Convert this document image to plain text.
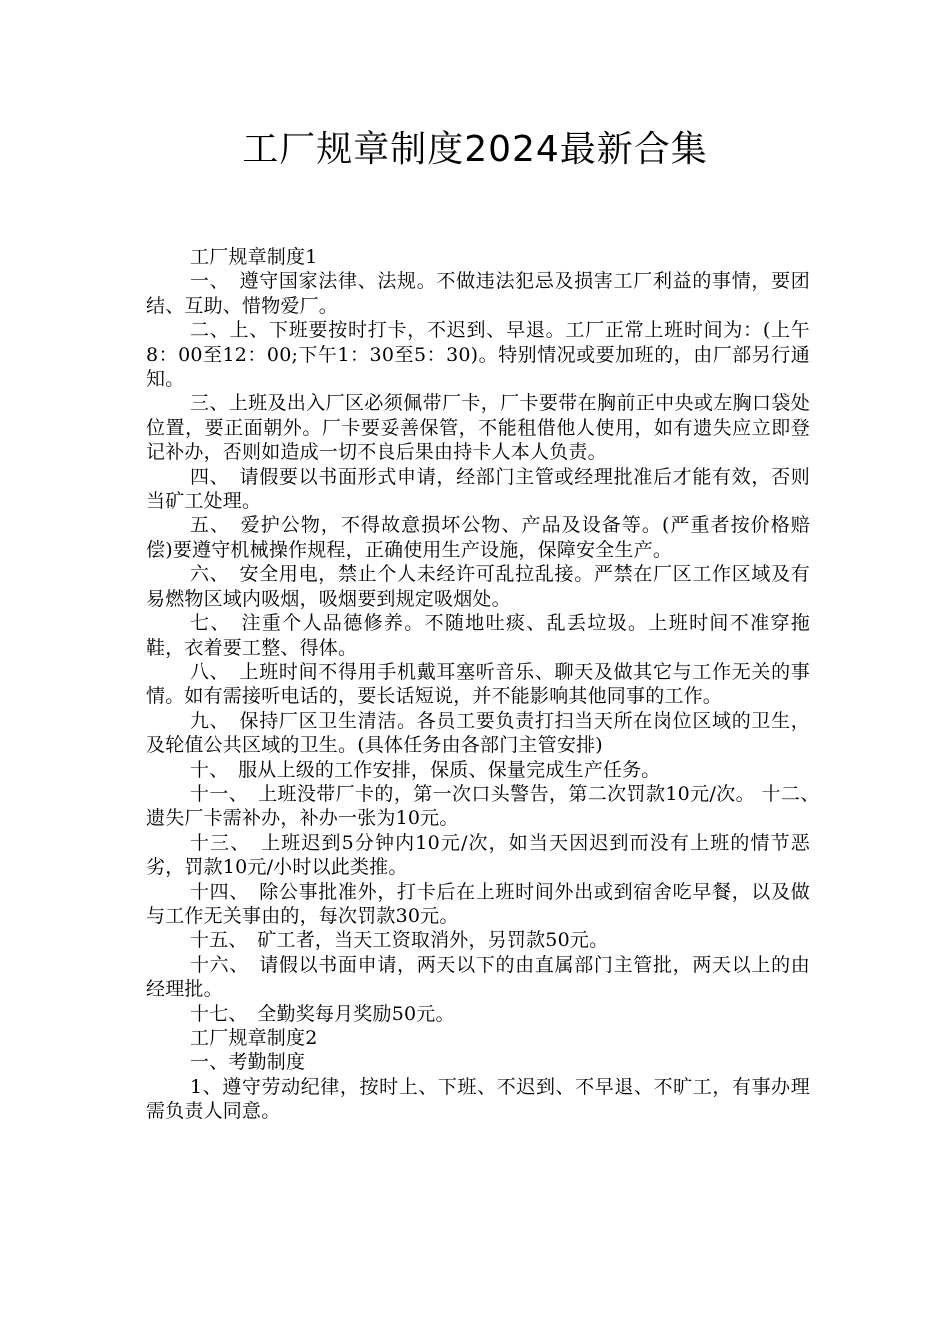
工厂规章制度2024最新合集

工厂规章制度1

一、　遵守国家法律、法规。不做违法犯忌及损害工厂利益的事情，要团结、互助、惜物爱厂。

二、上、下班要按时打卡，不迟到、早退。工厂正常上班时间为：(上午8：00至12：00;下午1：30至5：30)。特别情况或要加班的，由厂部另行通知。

三、上班及出入厂区必须佩带厂卡，厂卡要带在胸前正中央或左胸口袋处位置，要正面朝外。厂卡要妥善保管，不能租借他人使用，如有遗失应立即登记补办，否则如造成一切不良后果由持卡人本人负责。

四、　请假要以书面形式申请，经部门主管或经理批准后才能有效，否则当矿工处理。

五、　爱护公物，不得故意损坏公物、产品及设备等。(严重者按价格赔偿)要遵守机械操作规程，正确使用生产设施，保障安全生产。

六、　安全用电，禁止个人未经许可乱拉乱接。严禁在厂区工作区域及有易燃物区域内吸烟，吸烟要到规定吸烟处。

七、　注重个人品德修养。不随地吐痰、乱丢垃圾。上班时间不准穿拖鞋，衣着要工整、得体。

八、　上班时间不得用手机戴耳塞听音乐、聊天及做其它与工作无关的事情。如有需接听电话的，要长话短说，并不能影响其他同事的工作。

九、　保持厂区卫生清洁。各员工要负责打扫当天所在岗位区域的卫生，及轮值公共区域的卫生。(具体任务由各部门主管安排)

十、　服从上级的工作安排，保质、保量完成生产任务。

十一、　上班没带厂卡的，第一次口头警告，第二次罚款10元/次。 十二、　遗失厂卡需补办，补办一张为10元。

十三、　上班迟到5分钟内10元/次，如当天因迟到而没有上班的情节恶劣，罚款10元/小时以此类推。

十四、　除公事批准外，打卡后在上班时间外出或到宿舍吃早餐，以及做与工作无关事由的，每次罚款30元。

十五、　矿工者，当天工资取消外，另罚款50元。

十六、　请假以书面申请，两天以下的由直属部门主管批，两天以上的由经理批。

十七、　全勤奖每月奖励50元。

工厂规章制度2

一、考勤制度

1、遵守劳动纪律，按时上、下班、不迟到、不早退、不旷工，有事办理需负责人同意。
